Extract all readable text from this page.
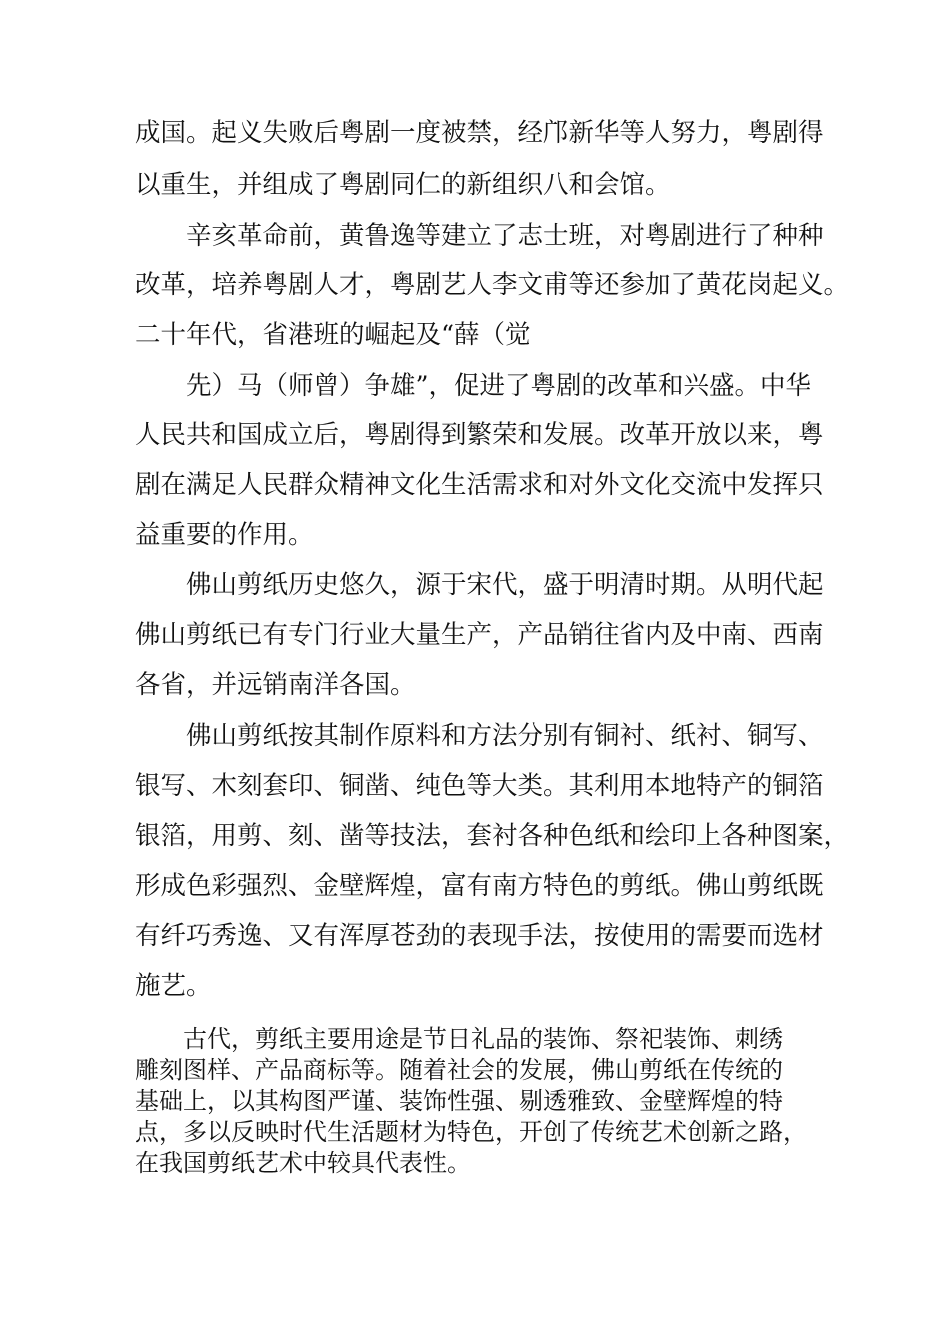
成国。起义失败后粤剧一度被禁，经邝新华等人努力，粤剧得

以重生，并组成了粤剧同仁的新组织八和会馆。

　　辛亥革命前，黄鲁逸等建立了志士班，对粤剧进行了种种

改革，培养粤剧人才，粤剧艺人李文甫等还参加了黄花岗起义。

二十年代，省港班的崛起及“薛（觉

　　先）马（师曾）争雄”，促进了粤剧的改革和兴盛。中华

人民共和国成立后，粤剧得到繁荣和发展。改革开放以来，粤

剧在满足人民群众精神文化生活需求和对外文化交流中发挥只

益重要的作用。

　　佛山剪纸历史悠久，源于宋代，盛于明清时期。从明代起

佛山剪纸已有专门行业大量生产，产品销往省内及中南、西南

各省，并远销南洋各国。

　　佛山剪纸按其制作原料和方法分别有铜衬、纸衬、铜写、

银写、木刻套印、铜凿、纯色等大类。其利用本地特产的铜箔

银箔，用剪、刻、凿等技法，套衬各种色纸和绘印上各种图案，

形成色彩强烈、金壁辉煌，富有南方特色的剪纸。佛山剪纸既

有纤巧秀逸、又有浑厚苍劲的表现手法，按使用的需要而选材

施艺。

　　古代，剪纸主要用途是节日礼品的装饰、祭祀装饰、刺绣

雕刻图样、产品商标等。随着社会的发展，佛山剪纸在传统的

基础上，以其构图严谨、装饰性强、剔透雅致、金壁辉煌的特

点，多以反映时代生活题材为特色，开创了传统艺术创新之路，

在我国剪纸艺术中较具代表性。
